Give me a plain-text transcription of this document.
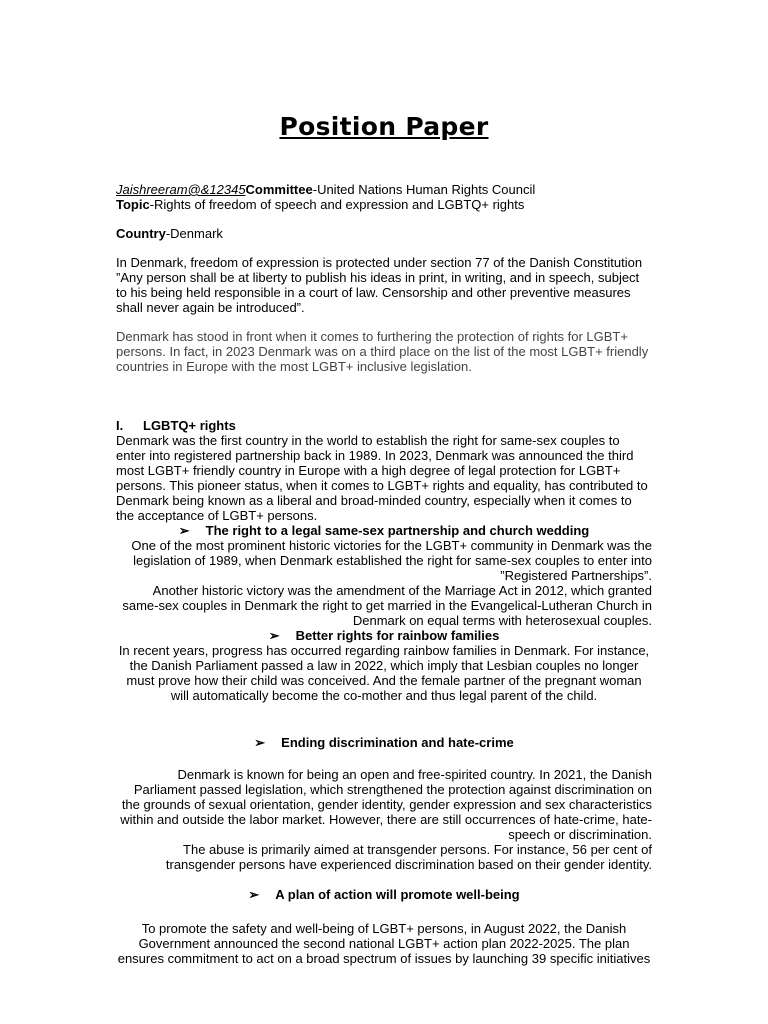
Position Paper

Jaishreeram@&12345Committee-United Nations Human Rights Council

Topic-Rights of freedom of speech and expression and LGBTQ+ rights

Country-Denmark

In Denmark, freedom of expression is protected under section 77 of the Danish Constitution ”Any person shall be at liberty to publish his ideas in print, in writing, and in speech, subject to his being held responsible in a court of law. Censorship and other preventive measures shall never again be introduced”.

Denmark has stood in front when it comes to furthering the protection of rights for LGBT+ persons. In fact, in 2023 Denmark was on a third place on the list of the most LGBT+ friendly countries in Europe with the most LGBT+ inclusive legislation.

I. LGBTQ+ rights

Denmark was the first country in the world to establish the right for same-sex couples to enter into registered partnership back in 1989. In 2023, Denmark was announced the third most LGBT+ friendly country in Europe with a high degree of legal protection for LGBT+ persons. This pioneer status, when it comes to LGBT+ rights and equality, has contributed to Denmark being known as a liberal and broad-minded country, especially when it comes to the acceptance of LGBT+ persons.

➢ The right to a legal same-sex partnership and church wedding

One of the most prominent historic victories for the LGBT+ community in Denmark was the legislation of 1989, when Denmark established the right for same-sex couples to enter into ”Registered Partnerships”.

Another historic victory was the amendment of the Marriage Act in 2012, which granted same-sex couples in Denmark the right to get married in the Evangelical-Lutheran Church in Denmark on equal terms with heterosexual couples.

➢ Better rights for rainbow families

In recent years, progress has occurred regarding rainbow families in Denmark. For instance, the Danish Parliament passed a law in 2022, which imply that Lesbian couples no longer must prove how their child was conceived. And the female partner of the pregnant woman will automatically become the co-mother and thus legal parent of the child.

➢ Ending discrimination and hate-crime

Denmark is known for being an open and free-spirited country. In 2021, the Danish Parliament passed legislation, which strengthened the protection against discrimination on the grounds of sexual orientation, gender identity, gender expression and sex characteristics within and outside the labor market. However, there are still occurrences of hate-crime, hate-speech or discrimination.

The abuse is primarily aimed at transgender persons. For instance, 56 per cent of transgender persons have experienced discrimination based on their gender identity.

➢ A plan of action will promote well-being

To promote the safety and well-being of LGBT+ persons, in August 2022, the Danish Government announced the second national LGBT+ action plan 2022-2025. The plan ensures commitment to act on a broad spectrum of issues by launching 39 specific initiatives
